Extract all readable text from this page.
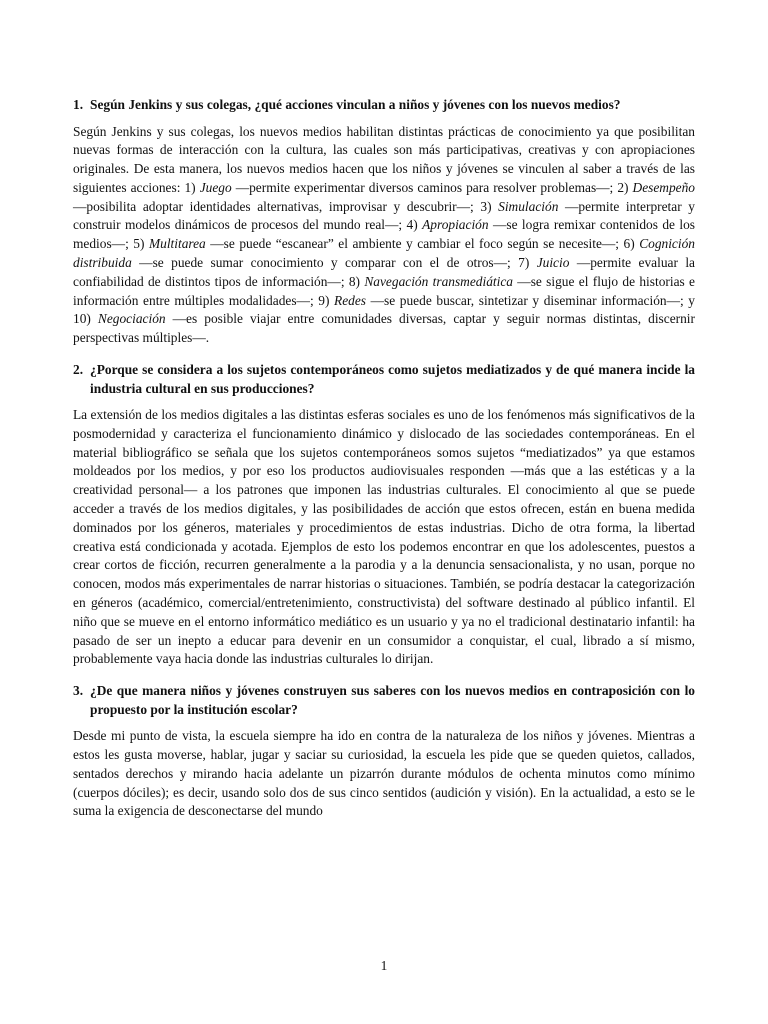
1. Según Jenkins y sus colegas, ¿qué acciones vinculan a niños y jóvenes con los nuevos medios?
Según Jenkins y sus colegas, los nuevos medios habilitan distintas prácticas de conocimiento ya que posibilitan nuevas formas de interacción con la cultura, las cuales son más participativas, creativas y con apropiaciones originales. De esta manera, los nuevos medios hacen que los niños y jóvenes se vinculen al saber a través de las siguientes acciones: 1) Juego —permite experimentar diversos caminos para resolver problemas—; 2) Desempeño —posibilita adoptar identidades alternativas, improvisar y descubrir—; 3) Simulación —permite interpretar y construir modelos dinámicos de procesos del mundo real—; 4) Apropiación —se logra remixar contenidos de los medios—; 5) Multitarea —se puede “escanear” el ambiente y cambiar el foco según se necesite—; 6) Cognición distribuida —se puede sumar conocimiento y comparar con el de otros—; 7) Juicio —permite evaluar la confiabilidad de distintos tipos de información—; 8) Navegación transmediática —se sigue el flujo de historias e información entre múltiples modalidades—; 9) Redes —se puede buscar, sintetizar y diseminar información—; y 10) Negociación —es posible viajar entre comunidades diversas, captar y seguir normas distintas, discernir perspectivas múltiples—.
2. ¿Porque se considera a los sujetos contemporáneos como sujetos mediatizados y de qué manera incide la industria cultural en sus producciones?
La extensión de los medios digitales a las distintas esferas sociales es uno de los fenómenos más significativos de la posmodernidad y caracteriza el funcionamiento dinámico y dislocado de las sociedades contemporáneas. En el material bibliográfico se señala que los sujetos contemporáneos somos sujetos “mediatizados” ya que estamos moldeados por los medios, y por eso los productos audiovisuales responden —más que a las estéticas y a la creatividad personal— a los patrones que imponen las industrias culturales. El conocimiento al que se puede acceder a través de los medios digitales, y las posibilidades de acción que estos ofrecen, están en buena medida dominados por los géneros, materiales y procedimientos de estas industrias. Dicho de otra forma, la libertad creativa está condicionada y acotada. Ejemplos de esto los podemos encontrar en que los adolescentes, puestos a crear cortos de ficción, recurren generalmente a la parodia y a la denuncia sensacionalista, y no usan, porque no conocen, modos más experimentales de narrar historias o situaciones. También, se podría destacar la categorización en géneros (académico, comercial/entretenimiento, constructivista) del software destinado al público infantil. El niño que se mueve en el entorno informático mediático es un usuario y ya no el tradicional destinatario infantil: ha pasado de ser un inepto a educar para devenir en un consumidor a conquistar, el cual, librado a sí mismo, probablemente vaya hacia donde las industrias culturales lo dirijan.
3. ¿De que manera niños y jóvenes construyen sus saberes con los nuevos medios en contraposición con lo propuesto por la institución escolar?
Desde mi punto de vista, la escuela siempre ha ido en contra de la naturaleza de los niños y jóvenes. Mientras a estos les gusta moverse, hablar, jugar y saciar su curiosidad, la escuela les pide que se queden quietos, callados, sentados derechos y mirando hacia adelante un pizarrón durante módulos de ochenta minutos como mínimo (cuerpos dóciles); es decir, usando solo dos de sus cinco sentidos (audición y visión). En la actualidad, a esto se le suma la exigencia de desconectarse del mundo
1
